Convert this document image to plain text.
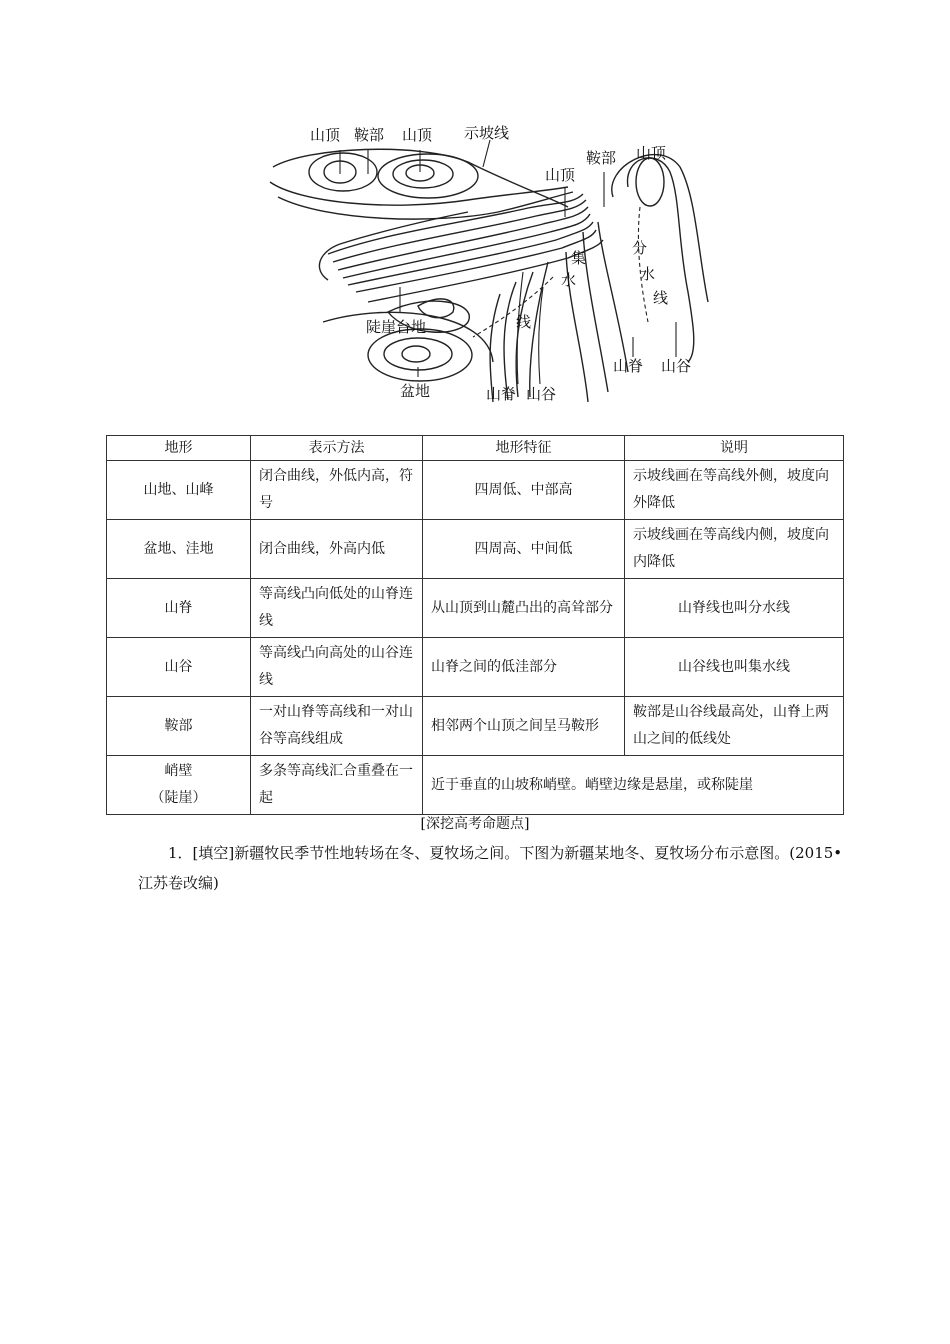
山顶 鞍部 山顶 示坡线
山顶
鞍部 山顶
集
水
线
分
水
线
陡崖台地
盆地	山脊 山谷
山脊 山谷
地形	表示方法	地形特征	说明
山地、山峰	闭合曲线，外低内高，符号	四周低、中部高	示坡线画在等高线外侧，坡度向外降低
盆地、洼地	闭合曲线，外高内低	四周高、中间低	示坡线画在等高线内侧，坡度向内降低
山脊	等高线凸向低处的山脊连线	从山顶到山麓凸出的高耸部分	山脊线也叫分水线
山谷	等高线凸向高处的山谷连线	山脊之间的低洼部分	山谷线也叫集水线
鞍部	一对山脊等高线和一对山谷等高线组成	相邻两个山顶之间呈马鞍形	鞍部是山谷线最高处，山脊上两山之间的低线处

峭壁
（陡崖）	多条等高线汇合重叠在一起	近于垂直的山坡称峭壁。峭壁边缘是悬崖，或称陡崖	
[深挖高考命题点]

1．[填空]新疆牧民季节性地转场在冬、夏牧场之间。下图为新疆某地冬、夏牧场分布示意图。(2015•江苏卷改编)
